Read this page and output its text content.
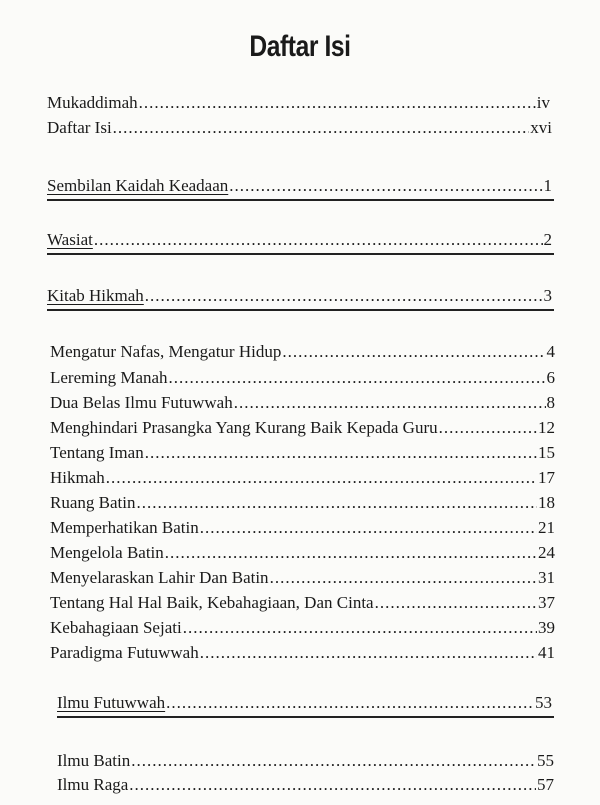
Daftar Isi
Mukaddimah .....	iv
Daftar Isi .....	xvi
Sembilan Kaidah Keadaan .....	1
Wasiat .....	2
Kitab Hikmah .....	3
Mengatur Nafas, Mengatur Hidup .....	4
Lereming Manah .....	6
Dua Belas Ilmu Futuwwah .....	8
Menghindari Prasangka Yang Kurang Baik Kepada Guru .....	12
Tentang Iman .....	15
Hikmah .....	17
Ruang Batin .....	18
Memperhatikan Batin .....	21
Mengelola Batin .....	24
Menyelaraskan Lahir Dan Batin .....	31
Tentang Hal Hal Baik, Kebahagiaan, Dan Cinta .....	37
Kebahagiaan Sejati .....	39
Paradigma Futuwwah .....	41
Ilmu Futuwwah .....	53
Ilmu Batin .....	55
Ilmu Raga .....	57
